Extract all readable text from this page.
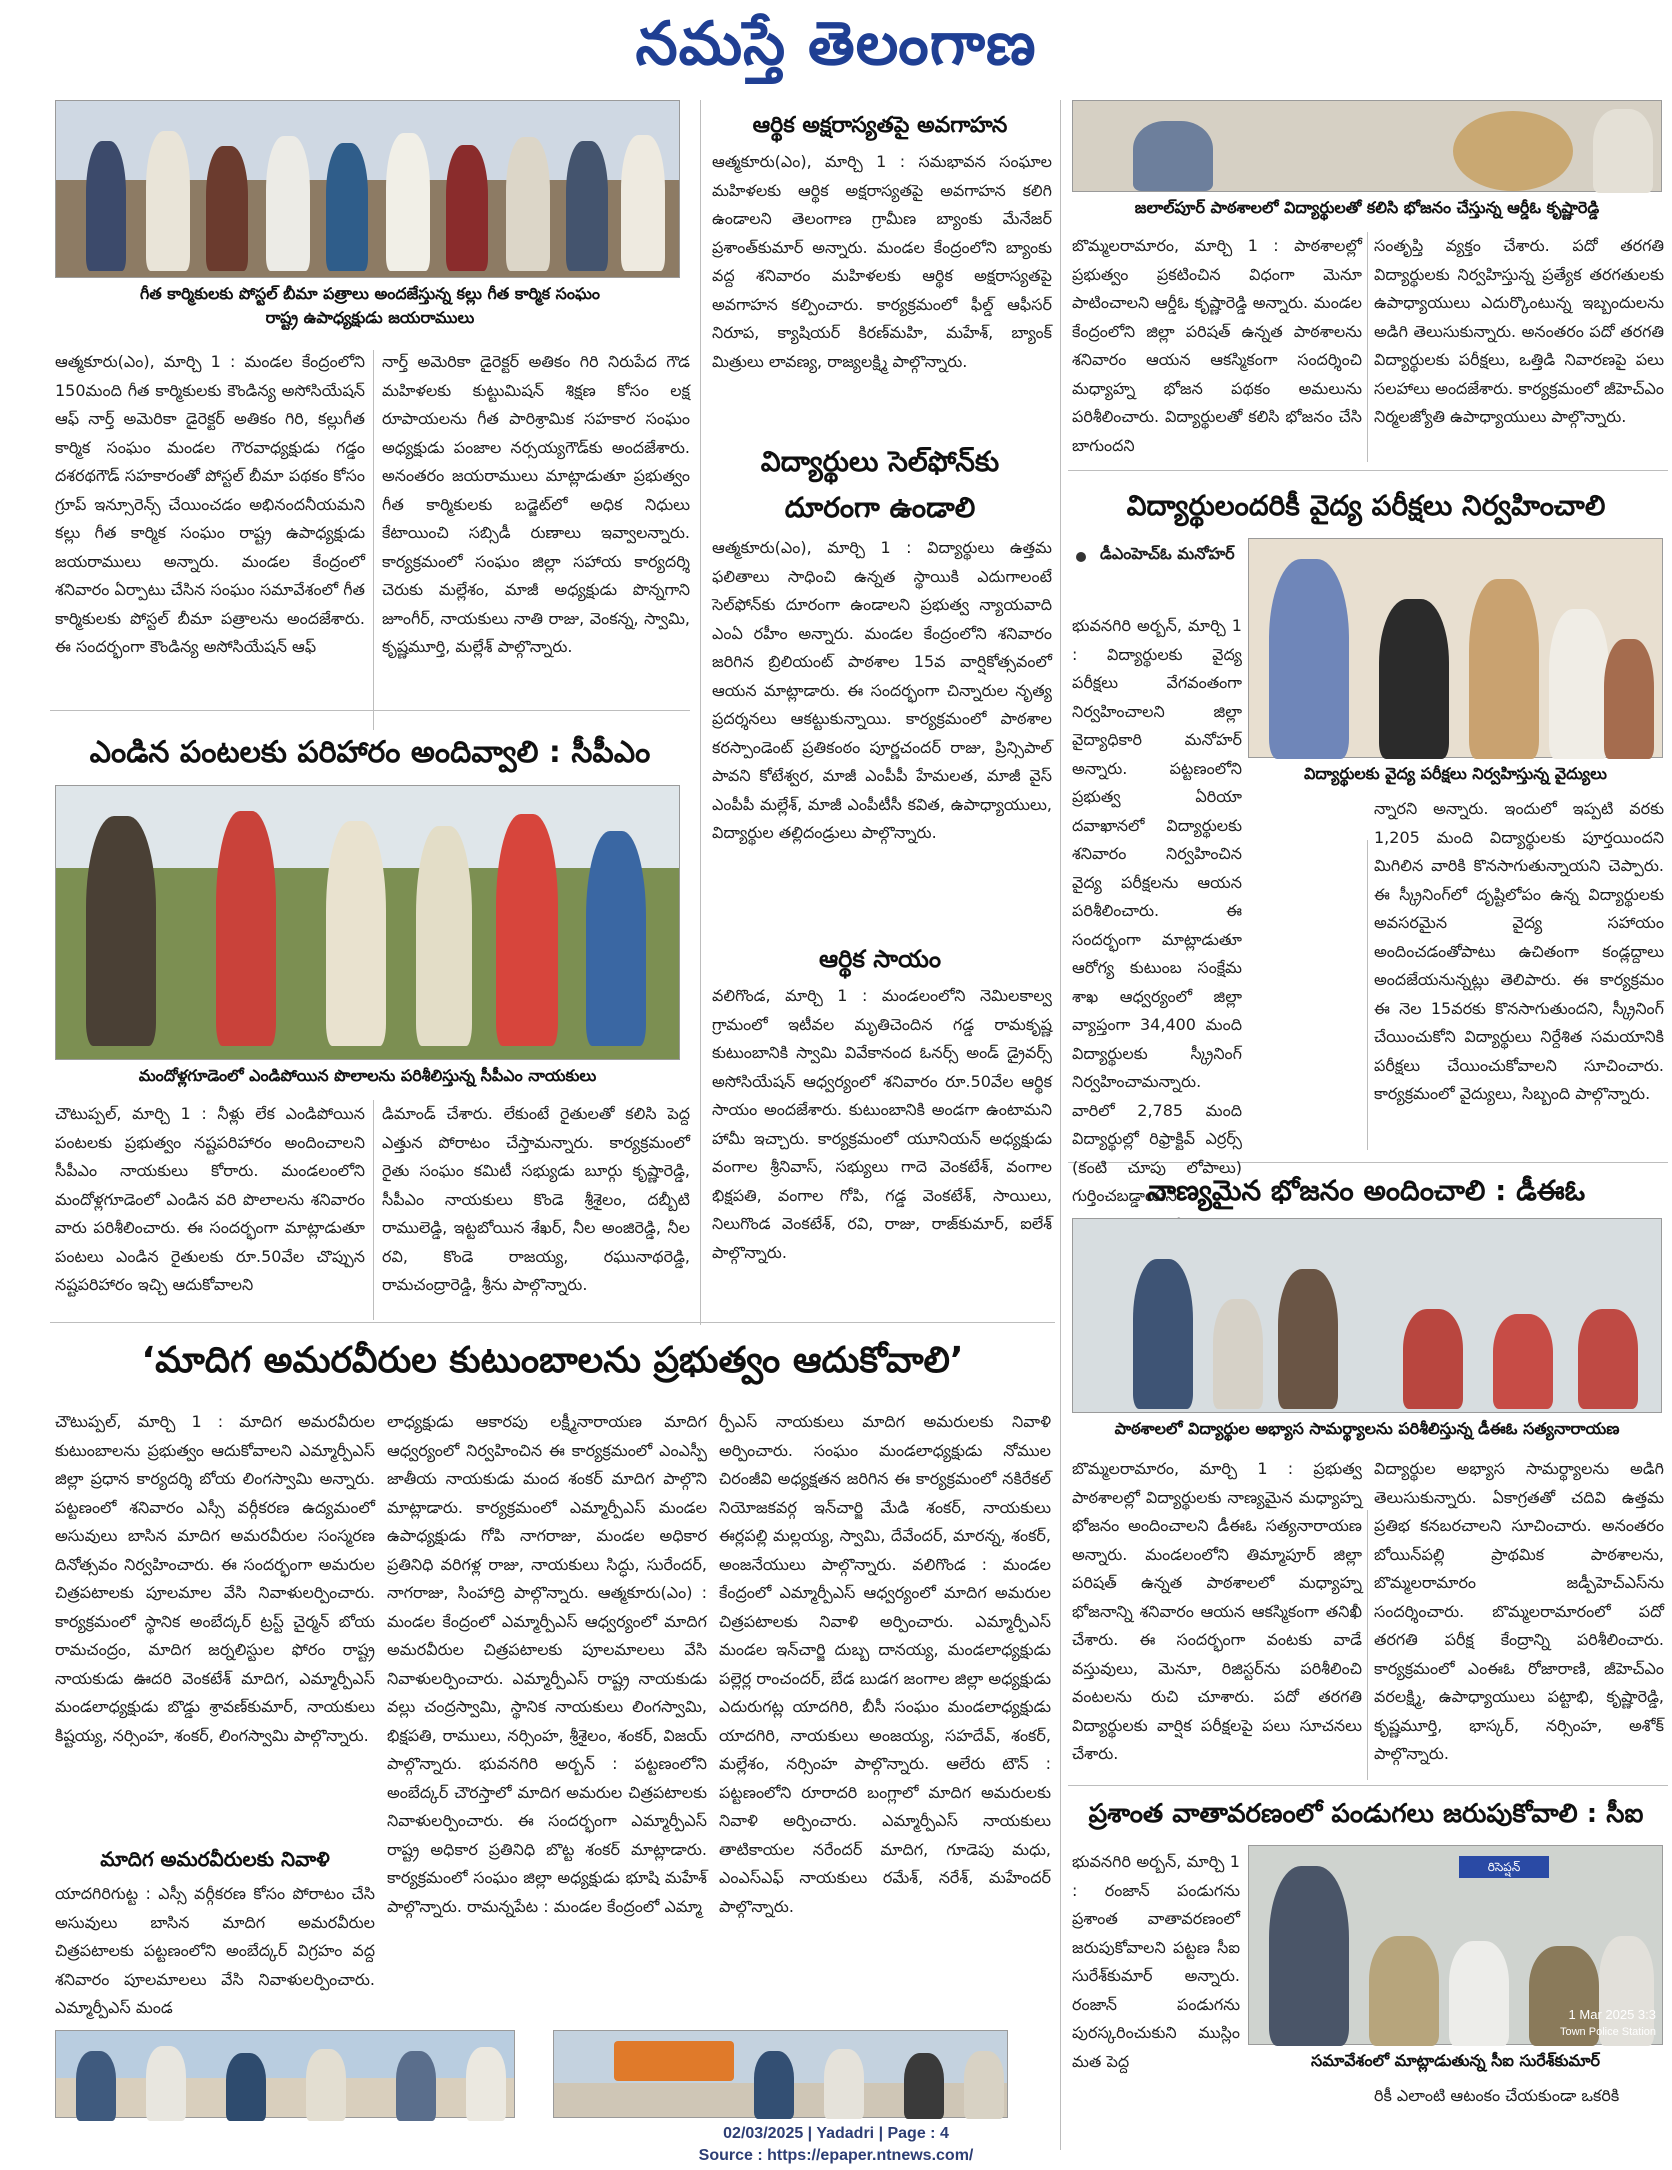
నమస్తే తెలంగాణ
గీత కార్మికులకు పోస్టల్ బీమా పత్రాలు అందజేస్తున్న కల్లు గీత కార్మిక సంఘం రాష్ట్ర ఉపాధ్యక్షుడు జయరాములు
ఆత్మకూరు(ఎం), మార్చి 1 : మండల కేంద్రంలోని 150మంది గీత కార్మికులకు కౌండిన్య అసోసియేషన్ ఆఫ్ నార్త్ అమెరికా డైరెక్టర్ అతికం గిరి, కల్లుగీత కార్మిక సంఘం మండల గౌరవాధ్యక్షుడు గడ్డం దశరథగౌడ్ సహకారంతో పోస్టల్ బీమా పథకం కోసం గ్రూప్ ఇన్సూరెన్స్ చేయించడం అభినందనీయమని కల్లు గీత కార్మిక సంఘం రాష్ట్ర ఉపాధ్యక్షుడు జయరాములు అన్నారు. మండల కేంద్రంలో శనివారం ఏర్పాటు చేసిన సంఘం సమావేశంలో గీత కార్మికులకు పోస్టల్ బీమా పత్రాలను అందజేశారు. ఈ సందర్భంగా కౌండిన్య అసోసియేషన్ ఆఫ్
నార్త్ అమెరికా డైరెక్టర్ అతికం గిరి నిరుపేద గౌడ మహిళలకు కుట్టుమిషన్ శిక్షణ కోసం లక్ష రూపాయలను గీత పారిశ్రామిక సహకార సంఘం అధ్యక్షుడు పంజాల నర్సయ్యగౌడ్‌కు అందజేశారు. అనంతరం జయరాములు మాట్లాడుతూ ప్రభుత్వం గీత కార్మికులకు బడ్జెట్‌లో అధిక నిధులు కేటాయించి సబ్సిడీ రుణాలు ఇవ్వాలన్నారు. కార్యక్రమంలో సంఘం జిల్లా సహాయ కార్యదర్శి చెరుకు మల్లేశం, మాజీ అధ్యక్షుడు పొన్నగాని జూంగీర్, నాయకులు నాతి రాజు, వెంకన్న, స్వామి, కృష్ణమూర్తి, మల్లేశ్ పాల్గొన్నారు.
ఎండిన పంటలకు పరిహారం అందివ్వాలి : సీపీఎం
మందోళ్లగూడెంలో ఎండిపోయిన పొలాలను పరిశీలిస్తున్న సీపీఎం నాయకులు
చౌటుప్పల్, మార్చి 1 : నీళ్లు లేక ఎండిపోయిన పంటలకు ప్రభుత్వం నష్టపరిహారం అందించాలని సీపీఎం నాయకులు కోరారు. మండలంలోని మందోళ్లగూడెంలో ఎండిన వరి పొలాలను శనివారం వారు పరిశీలించారు. ఈ సందర్భంగా మాట్లాడుతూ పంటలు ఎండిన రైతులకు రూ.50వేల చొప్పున నష్టపరిహారం ఇచ్చి ఆదుకోవాలని
డిమాండ్ చేశారు. లేకుంటే రైతులతో కలిసి పెద్ద ఎత్తున పోరాటం చేస్తామన్నారు. కార్యక్రమంలో రైతు సంఘం కమిటీ సభ్యుడు బూర్గు కృష్ణారెడ్డి, సీపీఎం నాయకులు కొండె శ్రీశైలం, దబ్బీటి రాములెడ్డి, ఇట్టబోయిన శేఖర్, నీల అంజిరెడ్డి, నీల రవి, కొండె రాజయ్య, రఘునాథరెడ్డి, రామచంద్రారెడ్డి, శ్రీను పాల్గొన్నారు.
ఆర్థిక అక్షరాస్యతపై అవగాహన
ఆత్మకూరు(ఎం), మార్చి 1 : సమభావన సంఘాల మహిళలకు ఆర్థిక అక్షరాస్యతపై అవగాహన కలిగి ఉండాలని తెలంగాణ గ్రామీణ బ్యాంకు మేనేజర్ ప్రశాంత్‌కుమార్ అన్నారు. మండల కేంద్రంలోని బ్యాంకు వద్ద శనివారం మహిళలకు ఆర్థిక అక్షరాస్యతపై అవగాహన కల్పించారు. కార్యక్రమంలో ఫీల్డ్ ఆఫీసర్ నిరూప, క్యాషియర్ కిరణ్‌మహి, మహేశ్, బ్యాంక్ మిత్రులు లావణ్య, రాజ్యలక్ష్మి పాల్గొన్నారు.
విద్యార్థులు సెల్‌ఫోన్‌కు
దూరంగా ఉండాలి
ఆత్మకూరు(ఎం), మార్చి 1 : విద్యార్థులు ఉత్తమ ఫలితాలు సాధించి ఉన్నత స్థాయికి ఎదుగాలంటే సెల్‌ఫోన్‌కు దూరంగా ఉండాలని ప్రభుత్వ న్యాయవాది ఎంఏ రహీం అన్నారు. మండల కేంద్రంలోని శనివారం జరిగిన బ్రిలియంట్ పాఠశాల 15వ వార్షికోత్సవంలో ఆయన మాట్లాడారు. ఈ సందర్భంగా చిన్నారుల నృత్య ప్రదర్శనలు ఆకట్టుకున్నాయి. కార్యక్రమంలో పాఠశాల కరస్పాండెంట్ ప్రతికంఠం పూర్ణచందర్ రాజు, ప్రిన్సిపాల్ పావని కోటేశ్వర, మాజీ ఎంపీపీ హేమలత, మాజీ వైస్ ఎంపీపీ మల్లేశ్, మాజీ ఎంపీటీసీ కవిత, ఉపాధ్యాయులు, విద్యార్థుల తల్లిదండ్రులు పాల్గొన్నారు.
ఆర్థిక సాయం
వలిగొండ, మార్చి 1 : మండలంలోని నెమిలకాల్వ గ్రామంలో ఇటీవల మృతిచెందిన గడ్డ రామకృష్ణ కుటుంబానికి స్వామి వివేకానంద ఓనర్స్ అండ్ డ్రైవర్స్ అసోసియేషన్ ఆధ్వర్యంలో శనివారం రూ.50వేల ఆర్థిక సాయం అందజేశారు. కుటుంబానికి అండగా ఉంటామని హామీ ఇచ్చారు. కార్యక్రమంలో యూనియన్ అధ్యక్షుడు వంగాల శ్రీనివాస్, సభ్యులు గాదె వెంకటేశ్, వంగాల భిక్షపతి, వంగాల గోపి, గడ్డ వెంకటేశ్, సాయిలు, నిలుగొండ వెంకటేశ్, రవి, రాజు, రాజ్‌కుమార్, ఐలేశ్ పాల్గొన్నారు.
జలాల్‌పూర్ పాఠశాలలో విద్యార్థులతో కలిసి భోజనం చేస్తున్న ఆర్డీఓ కృష్ణారెడ్డి
బొమ్మలరామారం, మార్చి 1 : పాఠశాలల్లో ప్రభుత్వం ప్రకటించిన విధంగా మెనూ పాటించాలని ఆర్డీఓ కృష్ణారెడ్డి అన్నారు. మండల కేంద్రంలోని జిల్లా పరిషత్ ఉన్నత పాఠశాలను శనివారం ఆయన ఆకస్మికంగా సందర్శించి మధ్యాహ్న భోజన పథకం అమలును పరిశీలించారు. విద్యార్థులతో కలిసి భోజనం చేసి బాగుందని
సంతృప్తి వ్యక్తం చేశారు. పదో తరగతి విద్యార్థులకు నిర్వహిస్తున్న ప్రత్యేక తరగతులకు ఉపాధ్యాయులు ఎదుర్కొంటున్న ఇబ్బందులను అడిగి తెలుసుకున్నారు. అనంతరం పదో తరగతి విద్యార్థులకు పరీక్షలు, ఒత్తిడి నివారణపై పలు సలహాలు అందజేశారు. కార్యక్రమంలో జీహెచ్‌ఎం నిర్మలజ్యోతి ఉపాధ్యాయులు పాల్గొన్నారు.
విద్యార్థులందరికీ వైద్య పరీక్షలు నిర్వహించాలి
డీఎంహెచ్‌ఓ మనోహర్
విద్యార్థులకు వైద్య పరీక్షలు నిర్వహిస్తున్న వైద్యులు
భువనగిరి అర్బన్, మార్చి 1 : విద్యార్థులకు వైద్య పరీక్షలు వేగవంతంగా నిర్వహించాలని జిల్లా వైద్యాధికారి మనోహర్ అన్నారు. పట్టణంలోని ప్రభుత్వ ఏరియా దవాఖానలో విద్యార్థులకు శనివారం నిర్వహించిన వైద్య పరీక్షలను ఆయన పరిశీలించారు. ఈ సందర్భంగా మాట్లాడుతూ ఆరోగ్య కుటుంబ సంక్షేమ శాఖ ఆధ్వర్యంలో జిల్లా వ్యాప్తంగా 34,400 మంది విద్యార్థులకు స్క్రీనింగ్ నిర్వహించామన్నారు. వారిలో 2,785 మంది విద్యార్థుల్లో రిఫ్రాక్టివ్ ఎర్రర్స్ (కంటి చూపు లోపాలు) గుర్తించబడ్డాయని
న్నారని అన్నారు. ఇందులో ఇప్పటి వరకు 1,205 మంది విద్యార్థులకు పూర్తయిందని మిగిలిన వారికి కొనసాగుతున్నాయని చెప్పారు. ఈ స్క్రీనింగ్‌లో దృష్టిలోపం ఉన్న విద్యార్థులకు అవసరమైన వైద్య సహాయం అందించడంతోపాటు ఉచితంగా కండ్లద్దాలు అందజేయనున్నట్లు తెలిపారు. ఈ కార్యక్రమం ఈ నెల 15వరకు కొనసాగుతుందని, స్క్రీనింగ్ చేయించుకోని విద్యార్థులు నిర్దేశిత సమయానికి పరీక్షలు చేయించుకోవాలని సూచించారు. కార్యక్రమంలో వైద్యులు, సిబ్బంది పాల్గొన్నారు.
నాణ్యమైన భోజనం అందించాలి : డీఈఓ
పాఠశాలలో విద్యార్థుల అభ్యాస సామర్థ్యాలను పరిశీలిస్తున్న డీఈఓ సత్యనారాయణ
బొమ్మలరామారం, మార్చి 1 : ప్రభుత్వ పాఠశాలల్లో విద్యార్థులకు నాణ్యమైన మధ్యాహ్న భోజనం అందించాలని డీఈఓ సత్యనారాయణ అన్నారు. మండలంలోని తిమ్మాపూర్ జిల్లా పరిషత్ ఉన్నత పాఠశాలలో మధ్యాహ్న భోజనాన్ని శనివారం ఆయన ఆకస్మికంగా తనిఖీ చేశారు. ఈ సందర్భంగా వంటకు వాడే వస్తువులు, మెనూ, రిజిస్టర్‌ను పరిశీలించి వంటలను రుచి చూశారు. పదో తరగతి విద్యార్థులకు వార్షిక పరీక్షలపై పలు సూచనలు చేశారు.
విద్యార్థుల అభ్యాస సామర్థ్యాలను అడిగి తెలుసుకున్నారు. ఏకాగ్రతతో చదివి ఉత్తమ ప్రతిభ కనబరచాలని సూచించారు. అనంతరం బోయిన్‌పల్లి ప్రాథమిక పాఠశాలను, బొమ్మలరామారం జడ్పీహెచ్‌ఎస్‌ను సందర్శించారు. బొమ్మలరామారంలో పదో తరగతి పరీక్ష కేంద్రాన్ని పరిశీలించారు. కార్యక్రమంలో ఎంఈఓ రోజారాణి, జీహెచ్‌ఎం వరలక్ష్మి, ఉపాధ్యాయులు పట్టాభి, కృష్ణారెడ్డి, కృష్ణమూర్తి, భాస్కర్, నర్సింహ, అశోక్ పాల్గొన్నారు.
ప్రశాంత వాతావరణంలో పండుగలు జరుపుకోవాలి : సీఐ
భువనగిరి అర్బన్, మార్చి 1 : రంజాన్ పండుగను ప్రశాంత వాతావరణంలో జరుపుకోవాలని పట్టణ సీఐ సురేశ్‌కుమార్ అన్నారు. రంజాన్ పండుగను పురస్కరించుకుని ముస్లిం మత పెద్ద
రిసెప్షన్
1 Mar 2025 3:3
Town Police Station
సమావేశంలో మాట్లాడుతున్న సీఐ సురేశ్‌కుమార్
రికీ ఎలాంటి ఆటంకం చేయకుండా ఒకరికి
‘మాదిగ అమరవీరుల కుటుంబాలను ప్రభుత్వం ఆదుకోవాలి’
చౌటుప్పల్, మార్చి 1 : మాదిగ అమరవీరుల కుటుంబాలను ప్రభుత్వం ఆదుకోవాలని ఎమ్మార్పీఎస్ జిల్లా ప్రధాన కార్యదర్శి బోయ లింగస్వామి అన్నారు. పట్టణంలో శనివారం ఎస్సీ వర్గీకరణ ఉద్యమంలో అసువులు బాసిన మాదిగ అమరవీరుల సంస్మరణ దినోత్సవం నిర్వహించారు. ఈ సందర్భంగా అమరుల చిత్రపటాలకు పూలమాల వేసి నివాళులర్పించారు. కార్యక్రమంలో స్థానిక అంబేద్కర్ ట్రస్ట్ చైర్మన్ బోయ రామచంద్రం, మాదిగ జర్నలిస్టుల ఫోరం రాష్ట్ర నాయకుడు ఊదరి వెంకటేశ్ మాదిగ, ఎమ్మార్పీఎస్ మండలాధ్యక్షుడు బొడ్డు శ్రావణ్‌కుమార్, నాయకులు కిష్టయ్య, నర్సింహ, శంకర్, లింగస్వామి పాల్గొన్నారు.
మాదిగ అమరవీరులకు నివాళి
యాదగిరిగుట్ట : ఎస్సీ వర్గీకరణ కోసం పోరాటం చేసి అసువులు బాసిన మాదిగ అమరవీరుల చిత్రపటాలకు పట్టణంలోని అంబేద్కర్ విగ్రహం వద్ద శనివారం పూలమాలలు వేసి నివాళులర్పించారు. ఎమ్మార్పీఎస్ మండ
లాధ్యక్షుడు ఆకారపు లక్ష్మీనారాయణ మాదిగ ఆధ్వర్యంలో నిర్వహించిన ఈ కార్యక్రమంలో ఎంఎస్పీ జాతీయ నాయకుడు మంద శంకర్ మాదిగ పాల్గొని మాట్లాడారు. కార్యక్రమంలో ఎమ్మార్పీఎస్ మండల ఉపాధ్యక్షుడు గోపి నాగరాజు, మండల అధికార ప్రతినిధి వరిగళ్ల రాజు, నాయకులు సిద్ధు, సురేందర్, నాగరాజు, సింహాద్రి పాల్గొన్నారు. ఆత్మకూరు(ఎం) : మండల కేంద్రంలో ఎమ్మార్పీఎస్ ఆధ్వర్యంలో మాదిగ అమరవీరుల చిత్రపటాలకు పూలమాలలు వేసి నివాళులర్పించారు. ఎమ్మార్పీఎస్ రాష్ట్ర నాయకుడు వల్లు చంద్రస్వామి, స్థానిక నాయకులు లింగస్వామి, భిక్షపతి, రాములు, నర్సింహ, శ్రీశైలం, శంకర్, విజయ్ పాల్గొన్నారు. భువనగిరి అర్బన్ : పట్టణంలోని అంబేద్కర్ చౌరస్తాలో మాదిగ అమరుల చిత్రపటాలకు నివాళులర్పించారు. ఈ సందర్భంగా ఎమ్మార్పీఎస్ రాష్ట్ర అధికార ప్రతినిధి బొట్ట శంకర్ మాట్లాడారు. కార్యక్రమంలో సంఘం జిల్లా అధ్యక్షుడు భూషి మహేశ్ పాల్గొన్నారు. రామన్నపేట : మండల కేంద్రంలో ఎమ్మా
ర్పీఎస్ నాయకులు మాదిగ అమరులకు నివాళి అర్పించారు. సంఘం మండలాధ్యక్షుడు నోముల చిరంజీవి అధ్యక్షతన జరిగిన ఈ కార్యక్రమంలో నకిరేకల్ నియోజకవర్గ ఇన్‌చార్జి మేడి శంకర్, నాయకులు ఈర్లపల్లి మల్లయ్య, స్వామి, దేవేందర్, మారన్న, శంకర్, అంజనేయులు పాల్గొన్నారు. వలిగొండ : మండల కేంద్రంలో ఎమ్మార్పీఎస్ ఆధ్వర్యంలో మాదిగ అమరుల చిత్రపటాలకు నివాళి అర్పించారు. ఎమ్మార్పీఎస్ మండల ఇన్‌చార్జి దుబ్బ దానయ్య, మండలాధ్యక్షుడు పల్లెర్ల రాంచందర్, బేడ బుడగ జంగాల జిల్లా అధ్యక్షుడు ఎదురుగట్ల యాదగిరి, బీసీ సంఘం మండలాధ్యక్షుడు యాదగిరి, నాయకులు అంజయ్య, సహదేవ్, శంకర్, మల్లేశం, నర్సింహ పాల్గొన్నారు. ఆలేరు టౌన్ : పట్టణంలోని రూరాదరి బంగ్లాలో మాదిగ అమరులకు నివాళి అర్పించారు. ఎమ్మార్పీఎస్ నాయకులు తాటికాయల నరేందర్ మాదిగ, గూడెపు మధు, ఎంఎస్‌ఎఫ్ నాయకులు రమేశ్, నరేశ్, మహేందర్ పాల్గొన్నారు.
02/03/2025 | Yadadri | Page : 4
Source : https://epaper.ntnews.com/
